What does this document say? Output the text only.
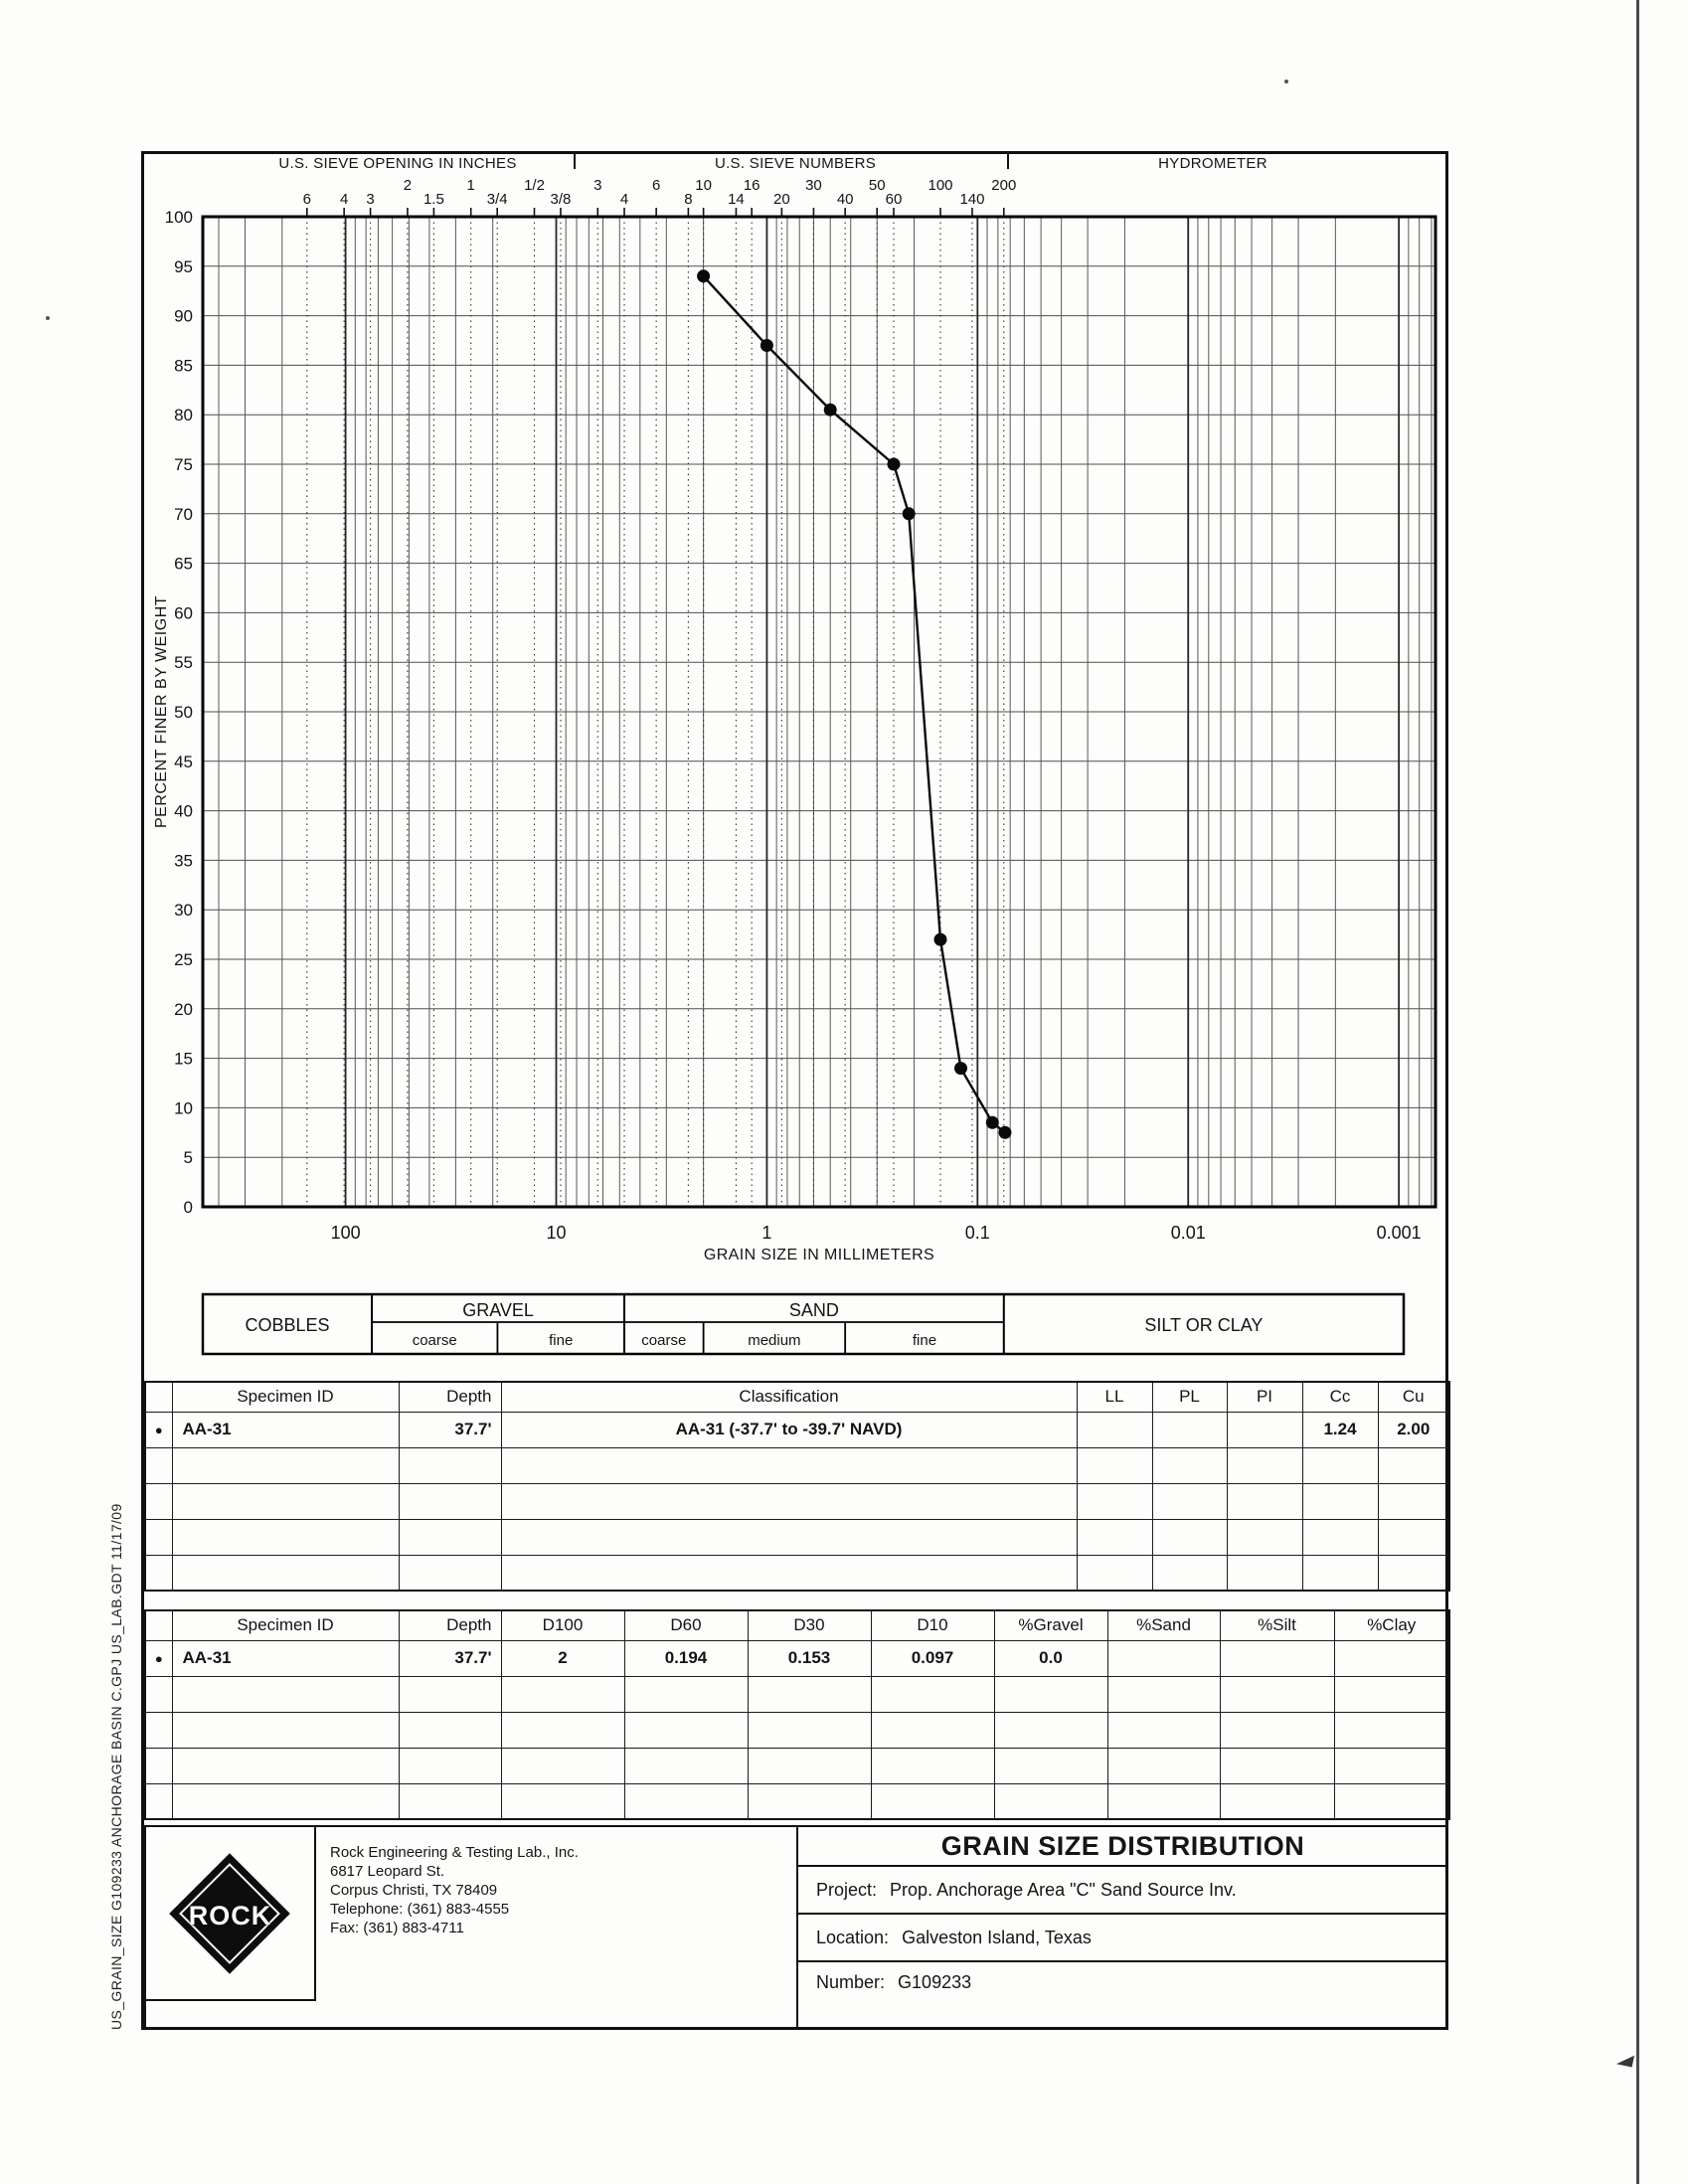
U.S. SIEVE OPENING IN INCHES	U.S. SIEVE NUMBERS	HYDROMETER
0
5
10
15
20
25
30
35
40
45
50
55
60
65
70
75
80
85
90
95
100
100	10	1	0.1	0.01	0.001
6 4 3
2
1.5
1
3/4
1/2
3/8
3
4
6
8
10
14
16
20
30
40
50
60
100
140
200
COBBLES
GRAVEL
coarse	fine
SAND
coarse	medium	fine
SILT OR CLAY
PERCENT FINER BY WEIGHT
GRAIN SIZE IN MILLIMETERS
	Specimen ID	Depth	Classification	LL	PL	PI	Cc	Cu
●	AA-31	37.7'	AA-31 (-37.7' to -39.7' NAVD)				1.24	2.00

	Specimen ID	Depth	D100	D60	D30	D10	%Gravel	%Sand	%Silt	%Clay
●	AA-31	37.7'	2	0.194	0.153	0.097	0.0			

ROCK
Rock Engineering & Testing Lab., Inc.
6817 Leopard St.
Corpus Christi, TX 78409
Telephone: (361) 883-4555
Fax: (361) 883-4711
GRAIN SIZE DISTRIBUTION
Project: Prop. Anchorage Area "C" Sand Source Inv.
Location: Galveston Island, Texas
Number: G109233
US_GRAIN_SIZE G109233 ANCHORAGE BASIN C.GPJ US_LAB.GDT 11/17/09
